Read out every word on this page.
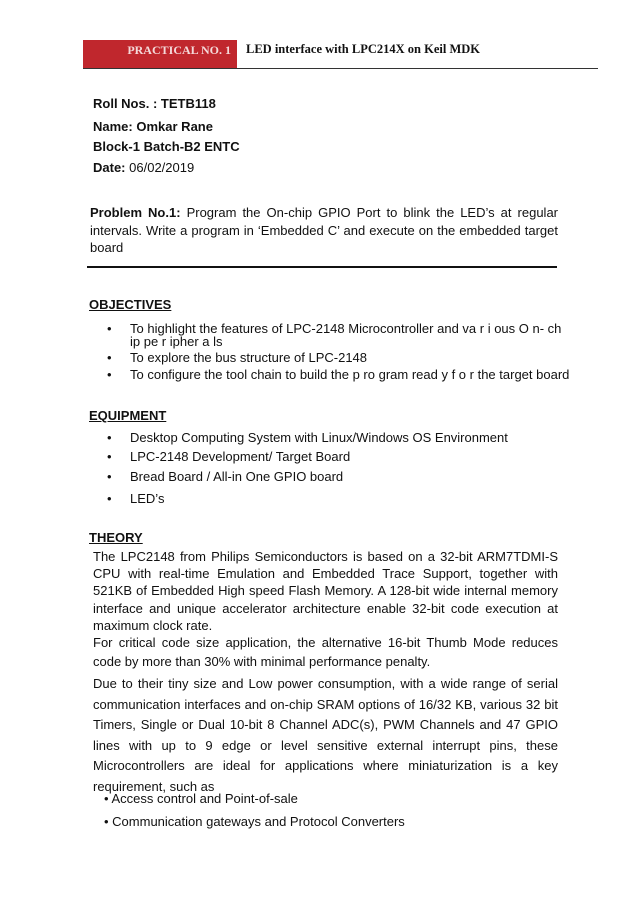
PRACTICAL NO. 1	LED interface with LPC214X on Keil MDK
Roll Nos. : TETB118
Name: Omkar Rane
Block-1 Batch-B2 ENTC
Date: 06/02/2019
Problem No.1: Program the On-chip GPIO Port to blink the LED’s at regular intervals. Write a program in ‘Embedded C’ and execute on the embedded target board
OBJECTIVES
• To highlight the features of LPC-2148 Microcontroller and va r i ous O n- ch
ip pe r ipher a ls
• To explore the bus structure of LPC-2148
• To configure the tool chain to build the p ro gram read y f o r the target board
EQUIPMENT
• Desktop Computing System with Linux/Windows OS Environment
• LPC-2148 Development/ Target Board
• Bread Board / All-in One GPIO board
• LED’s
THEORY
The LPC2148 from Philips Semiconductors is based on a 32-bit ARM7TDMI-S CPU with real-time Emulation and Embedded Trace Support, together with 521KB of Embedded High speed Flash Memory. A 128-bit wide internal memory interface and unique accelerator architecture enable 32-bit code execution at maximum clock rate.
For critical code size application, the alternative 16-bit Thumb Mode reduces code by more than 30% with minimal performance penalty.
Due to their tiny size and Low power consumption, with a wide range of serial communication interfaces and on-chip SRAM options of 16/32 KB, various 32 bit Timers, Single or Dual 10-bit 8 Channel ADC(s), PWM Channels and 47 GPIO lines with up to 9 edge or level sensitive external interrupt pins, these Microcontrollers are ideal for applications where miniaturization is a key requirement, such as
• Access control and Point-of-sale
• Communication gateways and Protocol Converters
